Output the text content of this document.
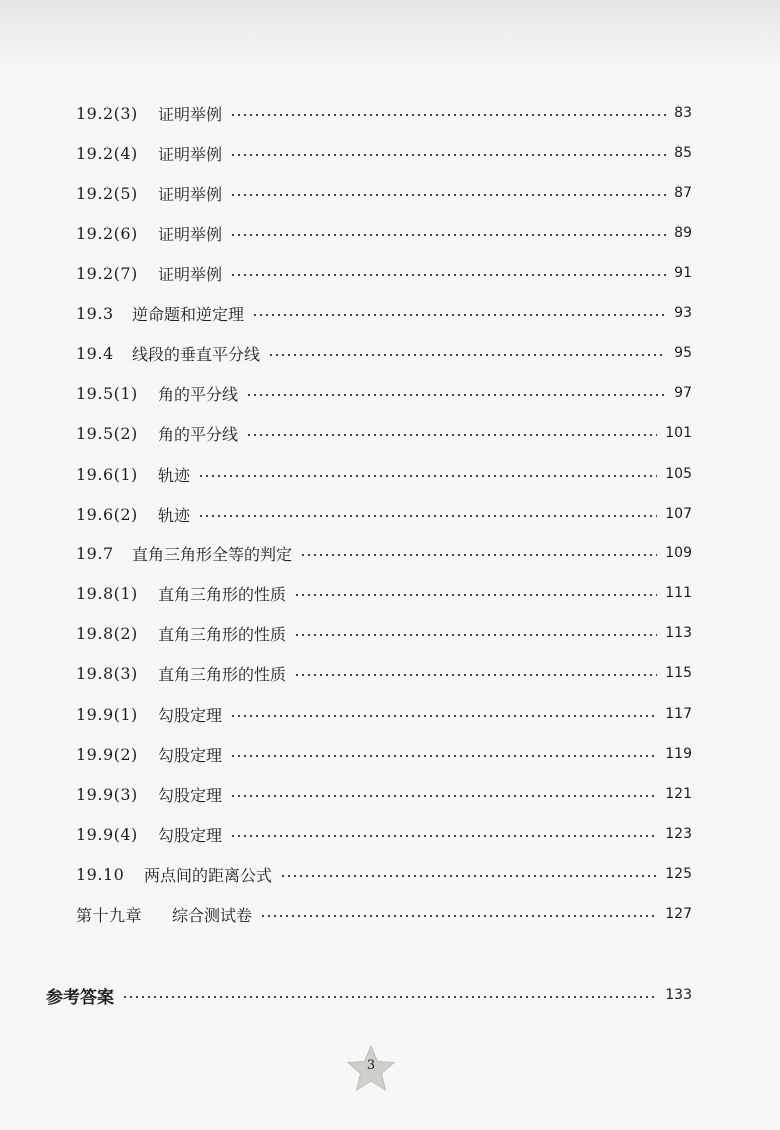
19.2(3)	证明举例	83
19.2(4)	证明举例	85
19.2(5)	证明举例	87
19.2(6)	证明举例	89
19.2(7)	证明举例	91
19.3	逆命题和逆定理	93
19.4	线段的垂直平分线	95
19.5(1)	角的平分线	97
19.5(2)	角的平分线	101
19.6(1)	轨迹	105
19.6(2)	轨迹	107
19.7	直角三角形全等的判定	109
19.8(1)	直角三角形的性质	111
19.8(2)	直角三角形的性质	113
19.8(3)	直角三角形的性质	115
19.9(1)	勾股定理	117
19.9(2)	勾股定理	119
19.9(3)	勾股定理	121
19.9(4)	勾股定理	123
19.10	两点间的距离公式	125
第十九章	综合测试卷	127
参考答案	133
3
